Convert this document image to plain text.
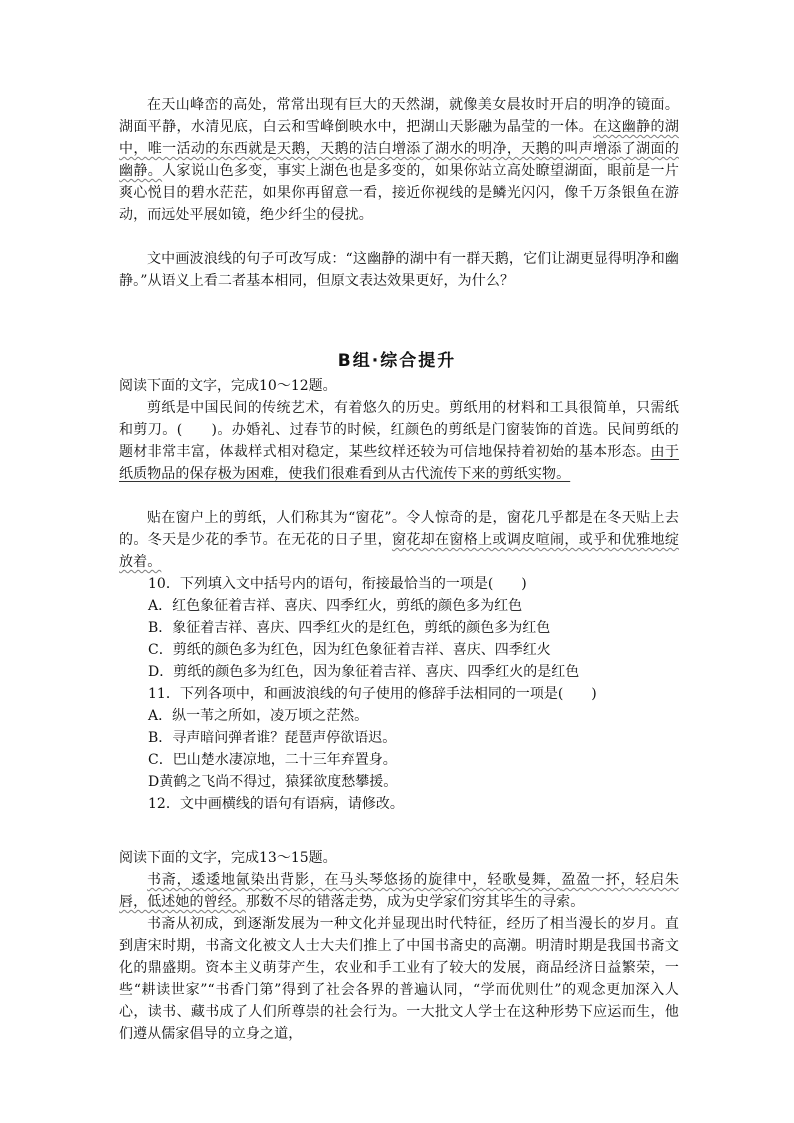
在天山峰峦的高处，常常出现有巨大的天然湖，就像美女晨妆时开启的明净的镜面。湖面平静，水清见底，白云和雪峰倒映水中，把湖山天影融为晶莹的一体。在这幽静的湖中，唯一活动的东西就是天鹅，天鹅的洁白增添了湖水的明净，天鹅的叫声增添了湖面的幽静。人家说山色多变，事实上湖色也是多变的，如果你站立高处瞭望湖面，眼前是一片爽心悦目的碧水茫茫，如果你再留意一看，接近你视线的是鳞光闪闪，像千万条银鱼在游动，而远处平展如镜，绝少纤尘的侵扰。

文中画波浪线的句子可改写成：“这幽静的湖中有一群天鹅，它们让湖更显得明净和幽静。”从语义上看二者基本相同，但原文表达效果更好，为什么？

B组·综合提升

阅读下面的文字，完成10～12题。

剪纸是中国民间的传统艺术，有着悠久的历史。剪纸用的材料和工具很简单，只需纸和剪刀。(　　)。办婚礼、过春节的时候，红颜色的剪纸是门窗装饰的首选。民间剪纸的题材非常丰富，体裁样式相对稳定，某些纹样还较为可信地保持着初始的基本形态。由于纸质物品的保存极为困难，使我们很难看到从古代流传下来的剪纸实物。

贴在窗户上的剪纸，人们称其为“窗花”。令人惊奇的是，窗花几乎都是在冬天贴上去的。冬天是少花的季节。在无花的日子里，窗花却在窗格上或调皮喧闹，或乎和优雅地绽放着。

10．下列填入文中括号内的语句，衔接最恰当的一项是(　　)

A．红色象征着吉祥、喜庆、四季红火，剪纸的颜色多为红色

B．象征着吉祥、喜庆、四季红火的是红色，剪纸的颜色多为红色

C．剪纸的颜色多为红色，因为红色象征着吉祥、喜庆、四季红火

D．剪纸的颜色多为红色，因为象征着吉祥、喜庆、四季红火的是红色

11．下列各项中，和画波浪线的句子使用的修辞手法相同的一项是(　　)

A．纵一苇之所如，凌万顷之茫然。

B．寻声暗问弹者谁？琵琶声停欲语迟。

C．巴山楚水凄凉地，二十三年弃置身。

D黄鹤之飞尚不得过，猿猱欲度愁攀援。

12．文中画横线的语句有语病，请修改。

阅读下面的文字，完成13～15题。

书斋，逶逶地氤染出背影，在马头琴悠扬的旋律中，轻歌曼舞，盈盈一抔，轻启朱唇，低述她的曾经。那数不尽的错落走势，成为史学家们穷其毕生的寻索。

书斋从初成，到逐渐发展为一种文化并显现出时代特征，经历了相当漫长的岁月。直到唐宋时期，书斋文化被文人士大夫们推上了中国书斋史的高潮。明清时期是我国书斋文化的鼎盛期。资本主义萌芽产生，农业和手工业有了较大的发展，商品经济日益繁荣，一些“耕读世家”“书香门第”得到了社会各界的普遍认同，“学而优则仕”的观念更加深入人心，读书、藏书成了人们所尊崇的社会行为。一大批文人学士在这种形势下应运而生，他们遵从儒家倡导的立身之道，
